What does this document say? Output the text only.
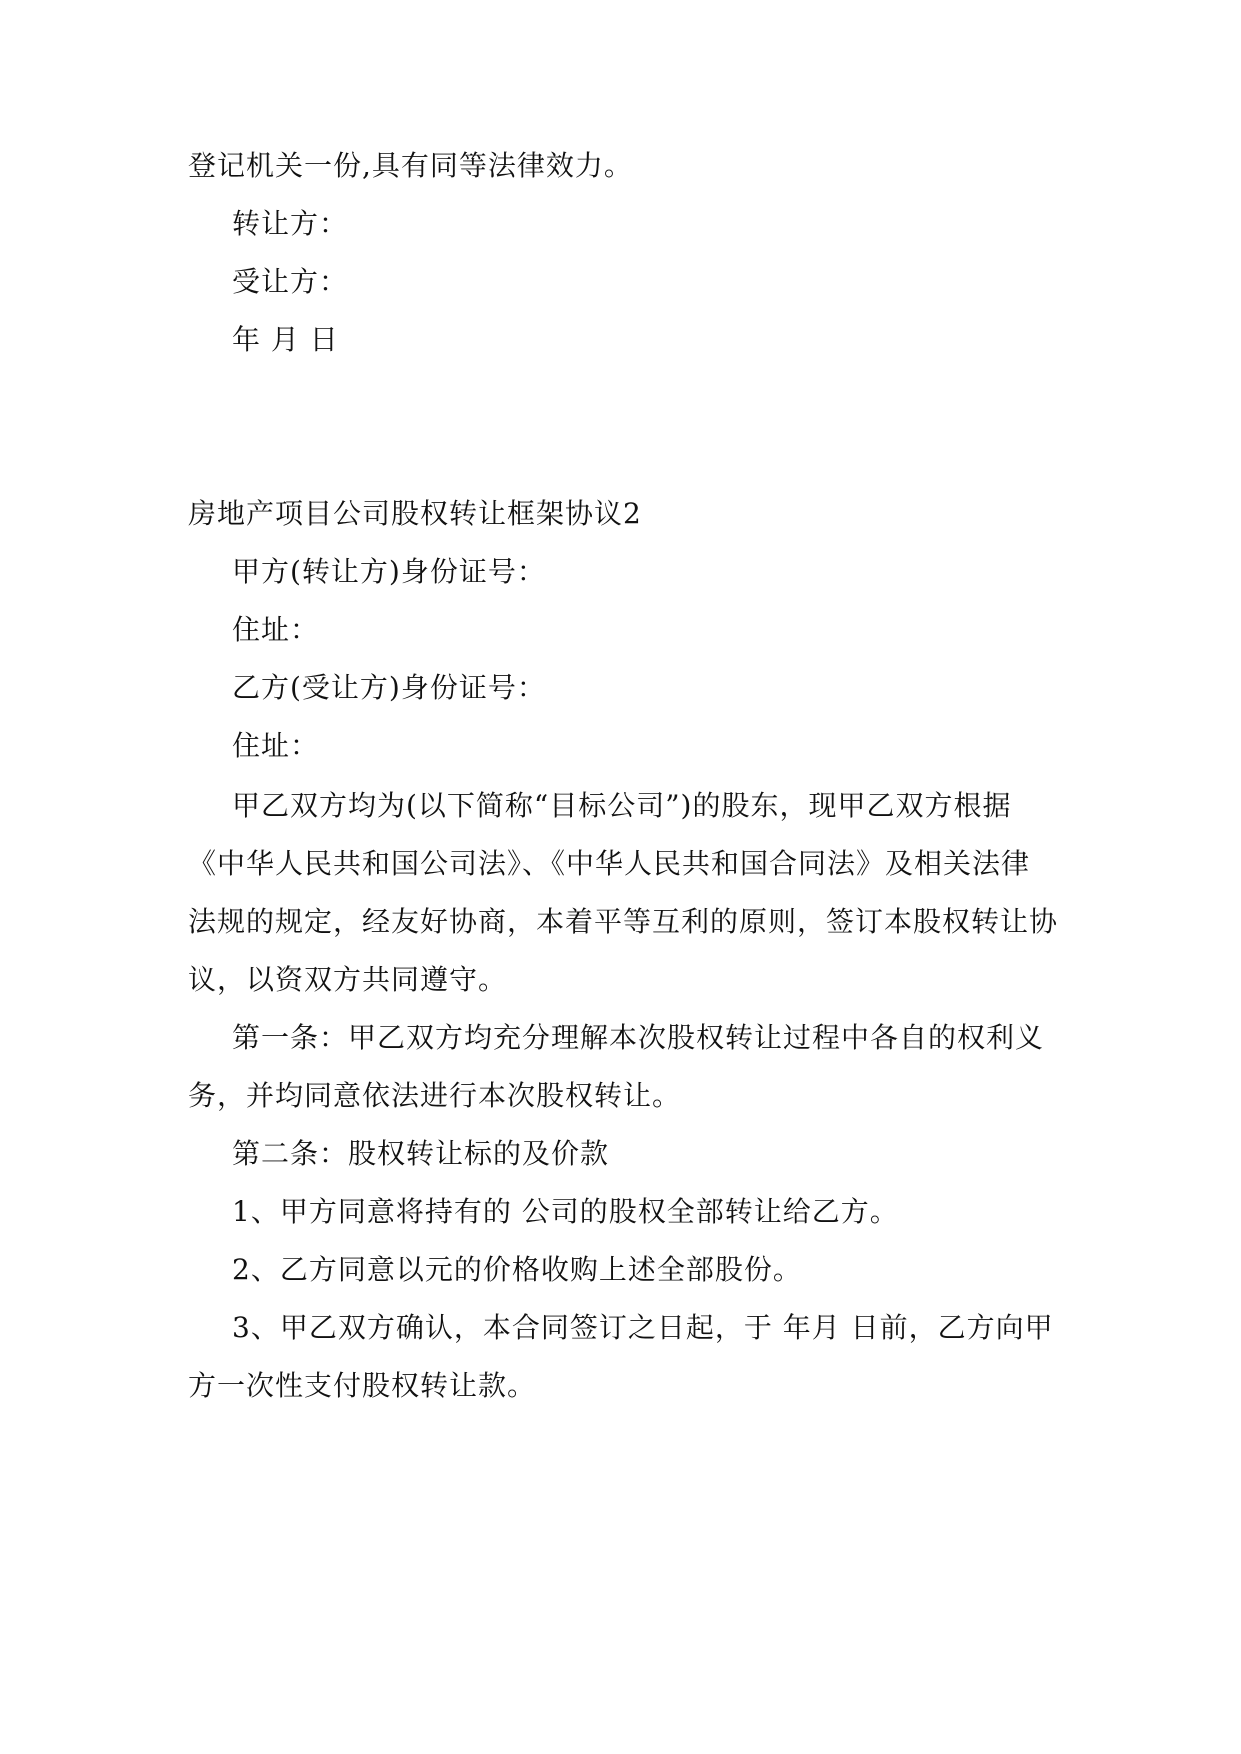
登记机关一份,具有同等法律效力。
转让方：
受让方：
年 月 日
房地产项目公司股权转让框架协议2
甲方(转让方)身份证号：
住址：
乙方(受让方)身份证号：
住址：
甲乙双方均为(以下简称“目标公司”)的股东，现甲乙双方根据
《中华人民共和国公司法》、《中华人民共和国合同法》及相关法律
法规的规定，经友好协商，本着平等互利的原则，签订本股权转让协
议，以资双方共同遵守。
第一条：甲乙双方均充分理解本次股权转让过程中各自的权利义
务，并均同意依法进行本次股权转让。
第二条：股权转让标的及价款
1、甲方同意将持有的 公司的股权全部转让给乙方。
2、乙方同意以元的价格收购上述全部股份。
3、甲乙双方确认，本合同签订之日起，于 年月 日前，乙方向甲
方一次性支付股权转让款。
